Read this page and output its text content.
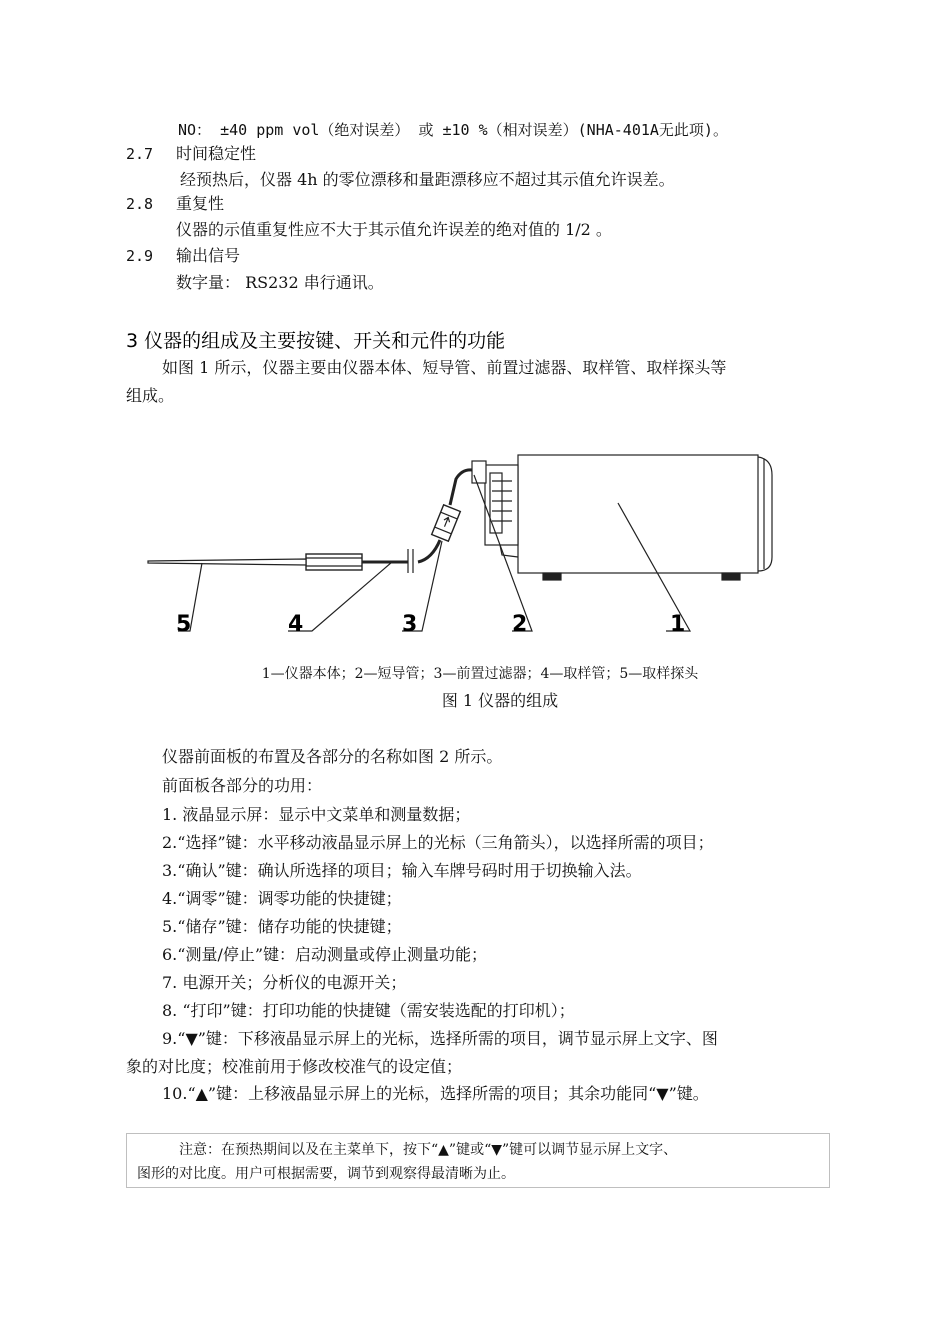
NO： ±40 ppm vol（绝对误差） 或 ±10 %（相对误差）(NHA-401A无此项)。
2.7 时间稳定性
经预热后，仪器 4h 的零位漂移和量距漂移应不超过其示值允许误差。
2.8 重复性
仪器的示值重复性应不大于其示值允许误差的绝对值的 1/2 。
2.9 输出信号
数字量： RS232 串行通讯。
3 仪器的组成及主要按键、开关和元件的功能
如图 1 所示，仪器主要由仪器本体、短导管、前置过滤器、取样管、取样探头等
组成。
5	4	3	2	1
1—仪器本体；2—短导管；3—前置过滤器；4—取样管；5—取样探头
图 1 仪器的组成
仪器前面板的布置及各部分的名称如图 2 所示。
前面板各部分的功用：
1. 液晶显示屏：显示中文菜单和测量数据；
2.“选择”键：水平移动液晶显示屏上的光标（三角箭头），以选择所需的项目；
3.“确认”键：确认所选择的项目；输入车牌号码时用于切换输入法。
4.“调零”键：调零功能的快捷键；
5.“储存”键：储存功能的快捷键；
6.“测量/停止”键：启动测量或停止测量功能；
7. 电源开关；分析仪的电源开关；
8. “打印”键：打印功能的快捷键（需安装选配的打印机）；
9.“▼”键：下移液晶显示屏上的光标，选择所需的项目，调节显示屏上文字、图
象的对比度；校准前用于修改校准气的设定值；
10.“▲”键：上移液晶显示屏上的光标，选择所需的项目；其余功能同“▼”键。
注意：在预热期间以及在主菜单下，按下“▲”键或“▼”键可以调节显示屏上文字、
图形的对比度。用户可根据需要，调节到观察得最清晰为止。
